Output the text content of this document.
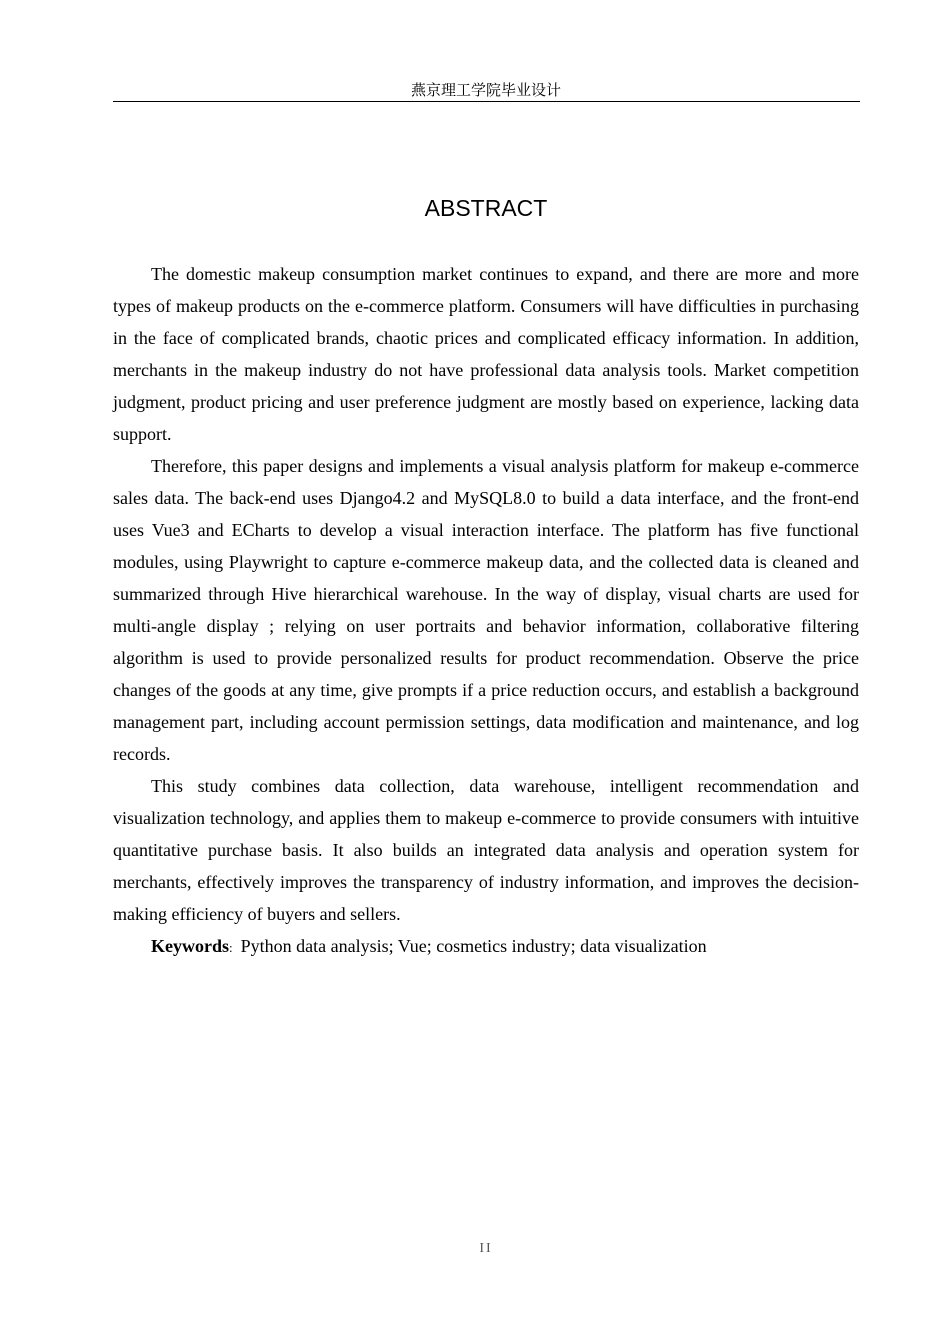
燕京理工学院毕业设计
ABSTRACT

The domestic makeup consumption market continues to expand, and there are more and more types of makeup products on the e-commerce platform. Consumers will have difficulties in purchasing in the face of complicated brands, chaotic prices and complicated efficacy information. In addition, merchants in the makeup industry do not have professional data analysis tools. Market competition judgment, product pricing and user preference judgment are mostly based on experience, lacking data support.

Therefore, this paper designs and implements a visual analysis platform for makeup e-commerce sales data. The back-end uses Django4.2 and MySQL8.0 to build a data interface, and the front-end uses Vue3 and ECharts to develop a visual interaction interface. The platform has five functional modules, using Playwright to capture e-commerce makeup data, and the collected data is cleaned and summarized through Hive hierarchical warehouse. In the way of display, visual charts are used for multi-angle display ; relying on user portraits and behavior information, collaborative filtering algorithm is used to provide personalized results for product recommendation. Observe the price changes of the goods at any time, give prompts if a price reduction occurs, and establish a background management part, including account permission settings, data modification and maintenance, and log records.

This study combines data collection, data warehouse, intelligent recommendation and visualization technology, and applies them to makeup e-commerce to provide consumers with intuitive quantitative purchase basis. It also builds an integrated data analysis and operation system for merchants, effectively improves the transparency of industry information, and improves the decision-making efficiency of buyers and sellers.

Keywords: Python data analysis; Vue; cosmetics industry; data visualization

II
